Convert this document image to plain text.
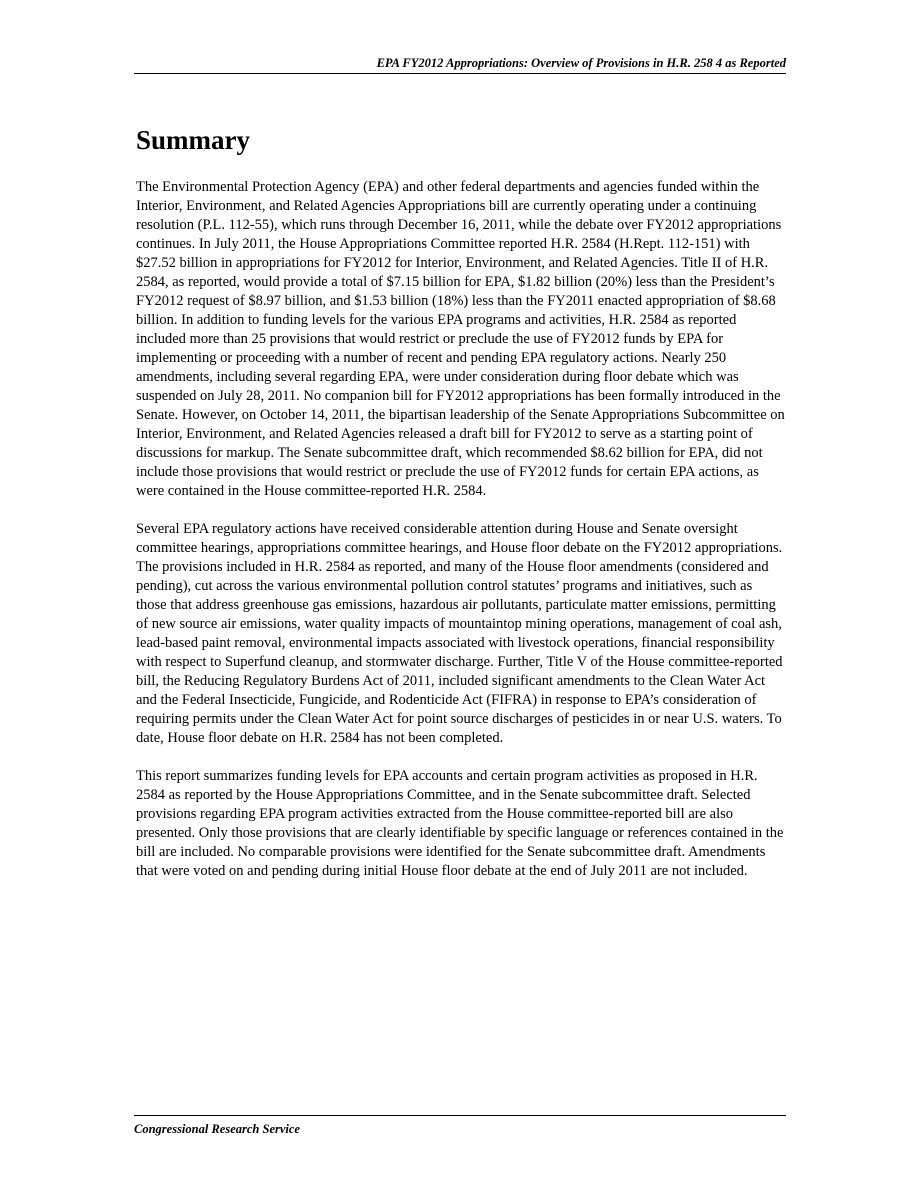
EPA FY2012 Appropriations: Overview of Provisions in H.R. 258 4 as Reported
Summary

The Environmental Protection Agency (EPA) and other federal departments and agencies funded within the Interior, Environment, and Related Agencies Appropriations bill are currently operating under a continuing resolution (P.L. 112-55), which runs through December 16, 2011, while the debate over FY2012 appropriations continues. In July 2011, the House Appropriations Committee reported H.R. 2584 (H.Rept. 112-151) with $27.52 billion in appropriations for FY2012 for Interior, Environment, and Related Agencies. Title II of H.R. 2584, as reported, would provide a total of $7.15 billion for EPA, $1.82 billion (20%) less than the President’s FY2012 request of $8.97 billion, and $1.53 billion (18%) less than the FY2011 enacted appropriation of $8.68 billion. In addition to funding levels for the various EPA programs and activities, H.R. 2584 as reported included more than 25 provisions that would restrict or preclude the use of FY2012 funds by EPA for implementing or proceeding with a number of recent and pending EPA regulatory actions. Nearly 250 amendments, including several regarding EPA, were under consideration during floor debate which was suspended on July 28, 2011. No companion bill for FY2012 appropriations has been formally introduced in the Senate. However, on October 14, 2011, the bipartisan leadership of the Senate Appropriations Subcommittee on Interior, Environment, and Related Agencies released a draft bill for FY2012 to serve as a starting point of discussions for markup. The Senate subcommittee draft, which recommended $8.62 billion for EPA, did not include those provisions that would restrict or preclude the use of FY2012 funds for certain EPA actions, as were contained in the House committee-reported H.R. 2584.

Several EPA regulatory actions have received considerable attention during House and Senate oversight committee hearings, appropriations committee hearings, and House floor debate on the FY2012 appropriations. The provisions included in H.R. 2584 as reported, and many of the House floor amendments (considered and pending), cut across the various environmental pollution control statutes’ programs and initiatives, such as those that address greenhouse gas emissions, hazardous air pollutants, particulate matter emissions, permitting of new source air emissions, water quality impacts of mountaintop mining operations, management of coal ash, lead-based paint removal, environmental impacts associated with livestock operations, financial responsibility with respect to Superfund cleanup, and stormwater discharge. Further, Title V of the House committee-reported bill, the Reducing Regulatory Burdens Act of 2011, included significant amendments to the Clean Water Act and the Federal Insecticide, Fungicide, and Rodenticide Act (FIFRA) in response to EPA’s consideration of requiring permits under the Clean Water Act for point source discharges of pesticides in or near U.S. waters. To date, House floor debate on H.R. 2584 has not been completed.

This report summarizes funding levels for EPA accounts and certain program activities as proposed in H.R. 2584 as reported by the House Appropriations Committee, and in the Senate subcommittee draft. Selected provisions regarding EPA program activities extracted from the House committee-reported bill are also presented. Only those provisions that are clearly identifiable by specific language or references contained in the bill are included. No comparable provisions were identified for the Senate subcommittee draft. Amendments that were voted on and pending during initial House floor debate at the end of July 2011 are not included.

Congressional Research Service
